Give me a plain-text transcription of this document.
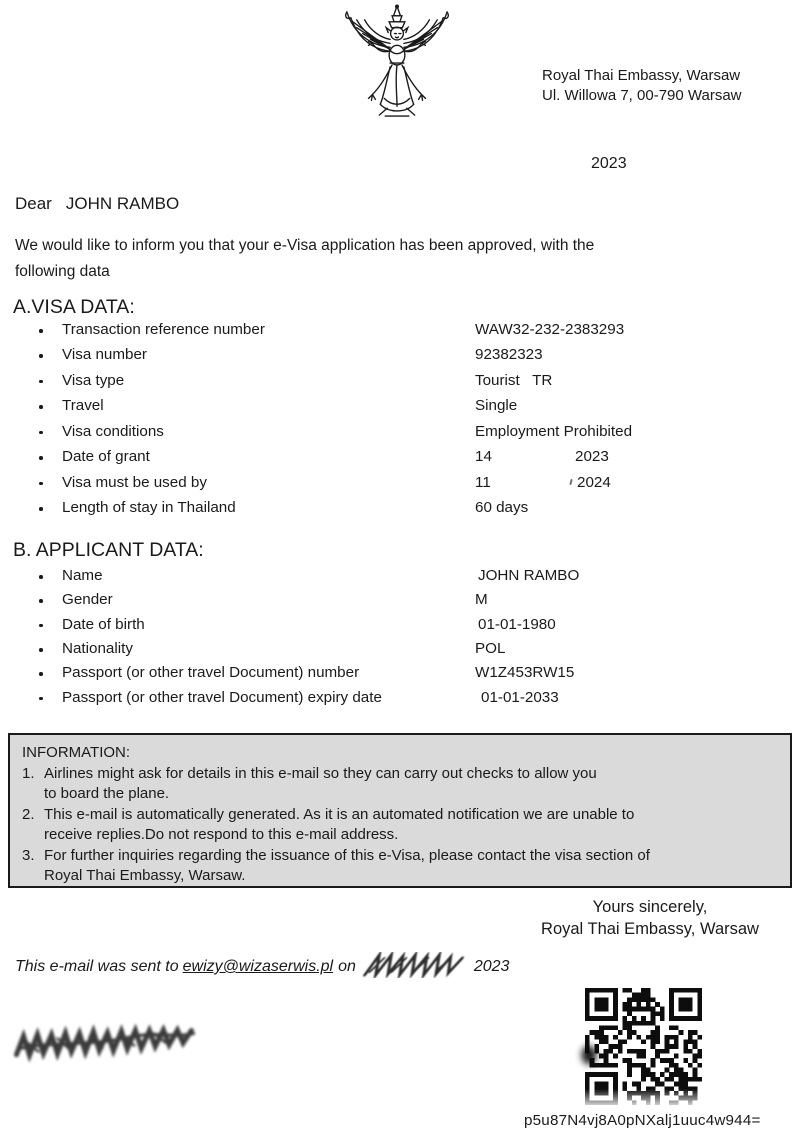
Royal Thai Embassy, Warsaw
Ul. Willowa 7, 00-790 Warsaw
2023
Dear JOHN RAMBO
We would like to inform you that your e-Visa application has been approved, with the
following data
A.VISA DATA:
Transaction reference number	WAW32-232-2383293
Visa number	92382323
Visa type	Tourist   TR
Travel	Single
Visa conditions	Employment Prohibited
Date of grant	14	2023
Visa must be used by	11	2024
Length of stay in Thailand	60 days
B. APPLICANT DATA:
Name	JOHN RAMBO
Gender	M
Date of birth	01-01-1980
Nationality	POL
Passport (or other travel Document) number	W1Z453RW15
Passport (or other travel Document) expiry date	01-01-2033
INFORMATION:
1. Airlines might ask for details in this e-mail so they can carry out checks to allow you
to board the plane.
2. This e-mail is automatically generated. As it is an automated notification we are unable to
receive replies.Do not respond to this e-mail address.
3. For further inquiries regarding the issuance of this e-Visa, please contact the visa section of
Royal Thai Embassy, Warsaw.
Yours sincerely,
Royal Thai Embassy, Warsaw
This e-mail was sent to ewizy@wizaserwis.pl on	2023
p5u87N4vj8A0pNXalj1uuc4w944=
